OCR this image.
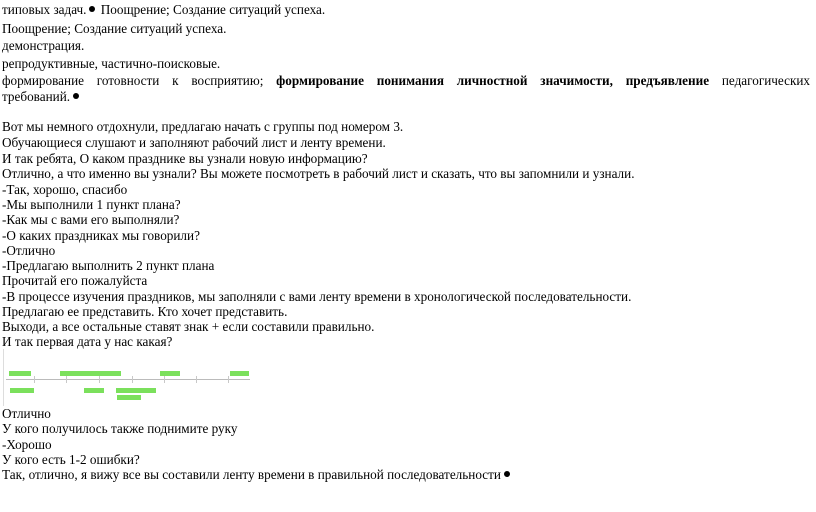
типовых задач. Поощрение; Создание ситуаций успеха.

Поощрение; Создание ситуаций успеха.

демонстрация.

репродуктивные, частично-поисковые.

формирование готовности к восприятию; формирование понимания личностной значимости, предъявление педагогических

требований.

Вот мы немного отдохнули, предлагаю начать с группы под номером 3.

Обучающиеся слушают и заполняют рабочий лист и ленту времени.

И так ребята, О каком празднике вы узнали новую информацию?

Отлично, а что именно вы узнали? Вы можете посмотреть в рабочий лист и сказать, что вы запомнили и узнали.

-Так, хорошо, спасибо

-Мы выполнили 1 пункт плана?

-Как мы с вами его выполняли?

-О каких праздниках мы говорили?

-Отлично

-Предлагаю выполнить 2 пункт плана

Прочитай его пожалуйста

-В процессе изучения праздников, мы заполняли с вами ленту времени в хронологической последовательности.

Предлагаю ее представить. Кто хочет представить.

Выходи, а все остальные ставят знак + если составили правильно.

И так первая дата у нас какая?

Отлично

У кого получилось также поднимите руку

-Хорошо

У кого есть 1-2 ошибки?

Так, отлично, я вижу все вы составили ленту времени в правильной последовательности
